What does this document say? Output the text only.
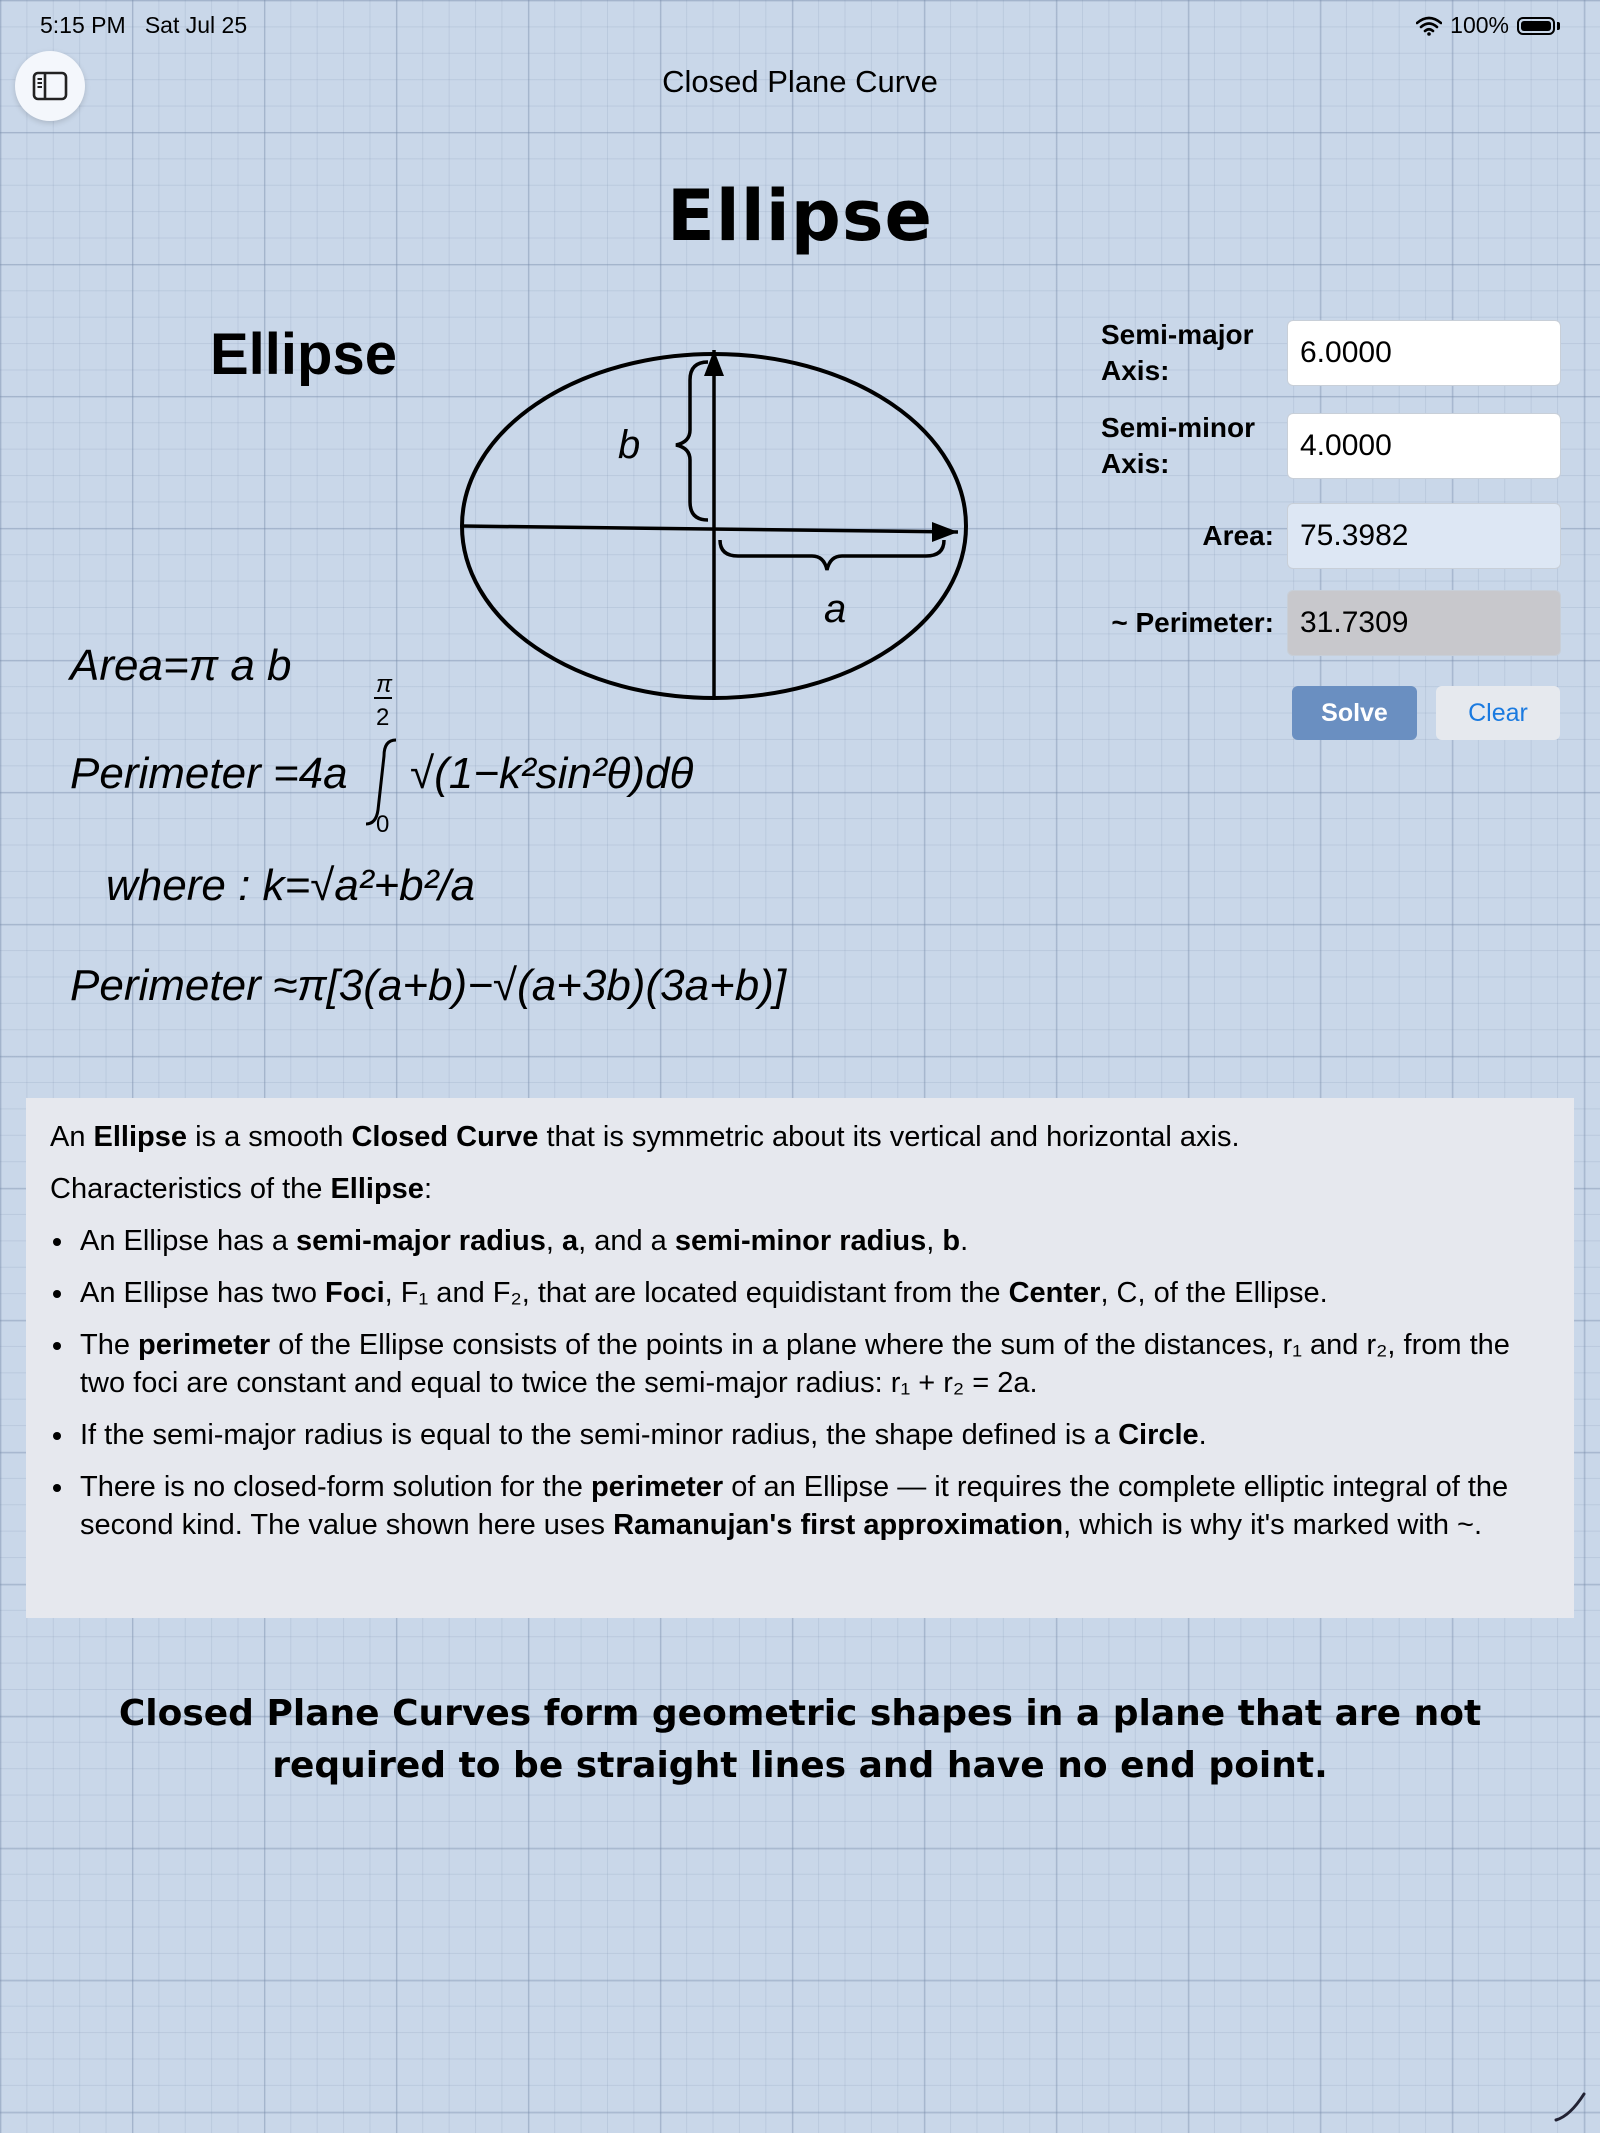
5:15 PM Sat Jul 25	100%
Closed Plane Curve
Ellipse
Ellipse
b
a
Area=π a b
Perimeter =4a
π
2
0
√(1−k²sin²θ)dθ
where : k=√a²+b²/a
Perimeter ≈π[3(a+b)−√(a+3b)(3a+b)]
Semi-major
Axis:
6.0000
Semi-minor
Axis:
4.0000
Area: 75.3982
~ Perimeter: 31.7309
Solve	Clear

An Ellipse is a smooth Closed Curve that is symmetric about its vertical and horizontal axis.

Characteristics of the Ellipse:

• An Ellipse has a semi-major radius, a, and a semi-minor radius, b.
• An Ellipse has two Foci, F₁ and F₂, that are located equidistant from the Center, C, of the Ellipse.
• The perimeter of the Ellipse consists of the points in a plane where the sum of the distances, r₁ and r₂, from the two foci are constant and equal to twice the semi-major radius: r₁ + r₂ = 2a.
• If the semi-major radius is equal to the semi-minor radius, the shape defined is a Circle.
• There is no closed-form solution for the perimeter of an Ellipse — it requires the complete elliptic integral of the second kind. The value shown here uses Ramanujan's first approximation, which is why it's marked with ~.
Closed Plane Curves form geometric shapes in a plane that are not required to be straight lines and have no end point.
